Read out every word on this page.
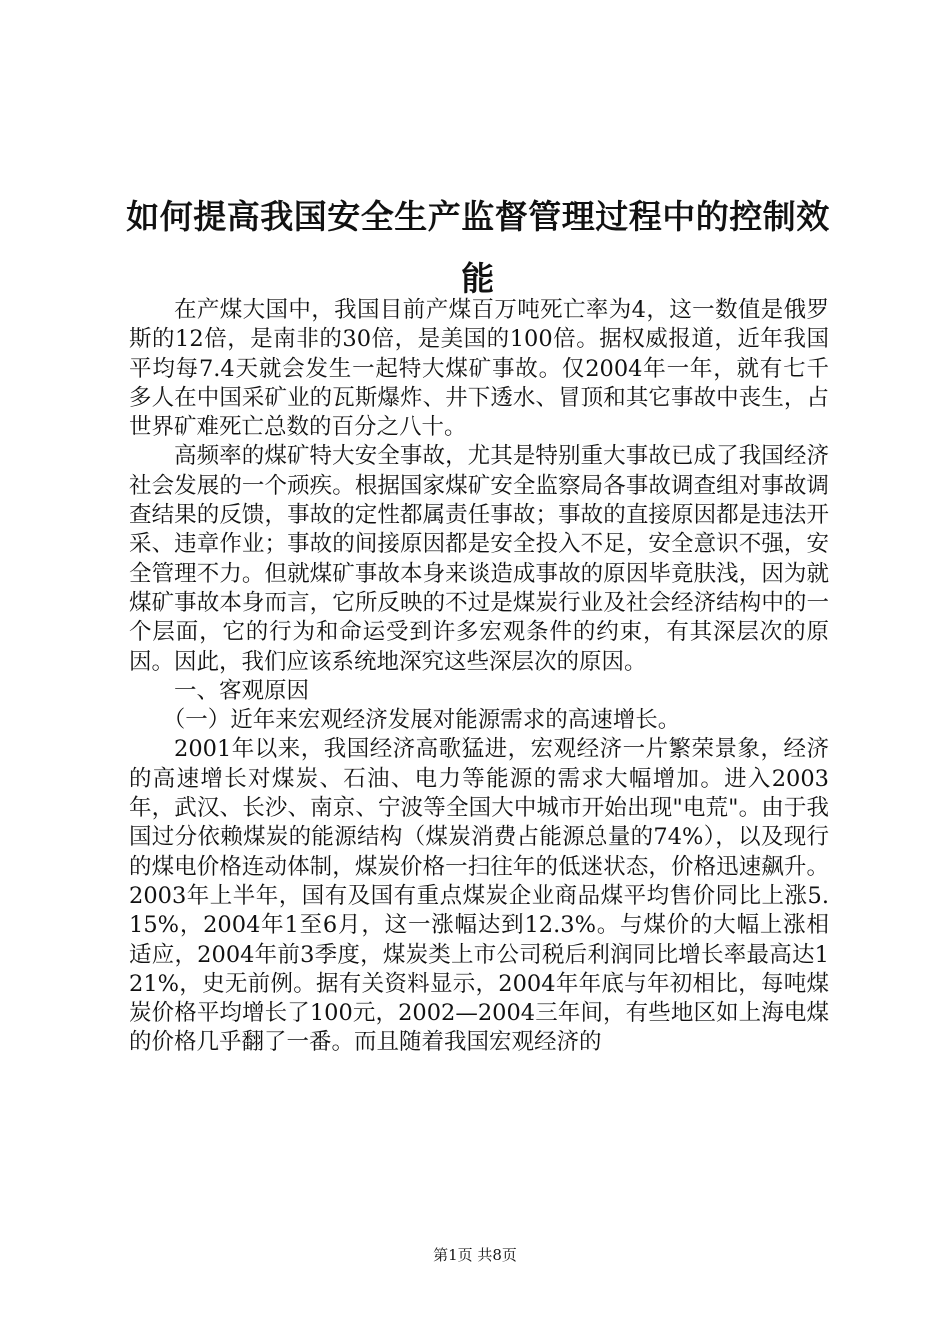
如何提高我国安全生产监督管理过程中的控制效能

在产煤大国中，我国目前产煤百万吨死亡率为4，这一数值是俄罗斯的12倍，是南非的30倍，是美国的100倍。据权威报道，近年我国平均每7.4天就会发生一起特大煤矿事故。仅2004年一年，就有七千多人在中国采矿业的瓦斯爆炸、井下透水、冒顶和其它事故中丧生，占世界矿难死亡总数的百分之八十。

高频率的煤矿特大安全事故，尤其是特别重大事故已成了我国经济社会发展的一个顽疾。根据国家煤矿安全监察局各事故调查组对事故调查结果的反馈，事故的定性都属责任事故；事故的直接原因都是违法开采、违章作业；事故的间接原因都是安全投入不足，安全意识不强，安全管理不力。但就煤矿事故本身来谈造成事故的原因毕竟肤浅，因为就煤矿事故本身而言，它所反映的不过是煤炭行业及社会经济结构中的一个层面，它的行为和命运受到许多宏观条件的约束，有其深层次的原因。因此，我们应该系统地深究这些深层次的原因。

一、客观原因

（一）近年来宏观经济发展对能源需求的高速增长。

2001年以来，我国经济高歌猛进，宏观经济一片繁荣景象，经济的高速增长对煤炭、石油、电力等能源的需求大幅增加。进入2003年，武汉、长沙、南京、宁波等全国大中城市开始出现"电荒"。由于我国过分依赖煤炭的能源结构（煤炭消费占能源总量的74%），以及现行的煤电价格连动体制，煤炭价格一扫往年的低迷状态，价格迅速飙升。2003年上半年，国有及国有重点煤炭企业商品煤平均售价同比上涨5.15%，2004年1至6月，这一涨幅达到12.3%。与煤价的大幅上涨相适应，2004年前3季度，煤炭类上市公司税后利润同比增长率最高达121%，史无前例。据有关资料显示，2004年年底与年初相比，每吨煤炭价格平均增长了100元，2002—2004三年间，有些地区如上海电煤的价格几乎翻了一番。而且随着我国宏观经济的

第1页 共8页
